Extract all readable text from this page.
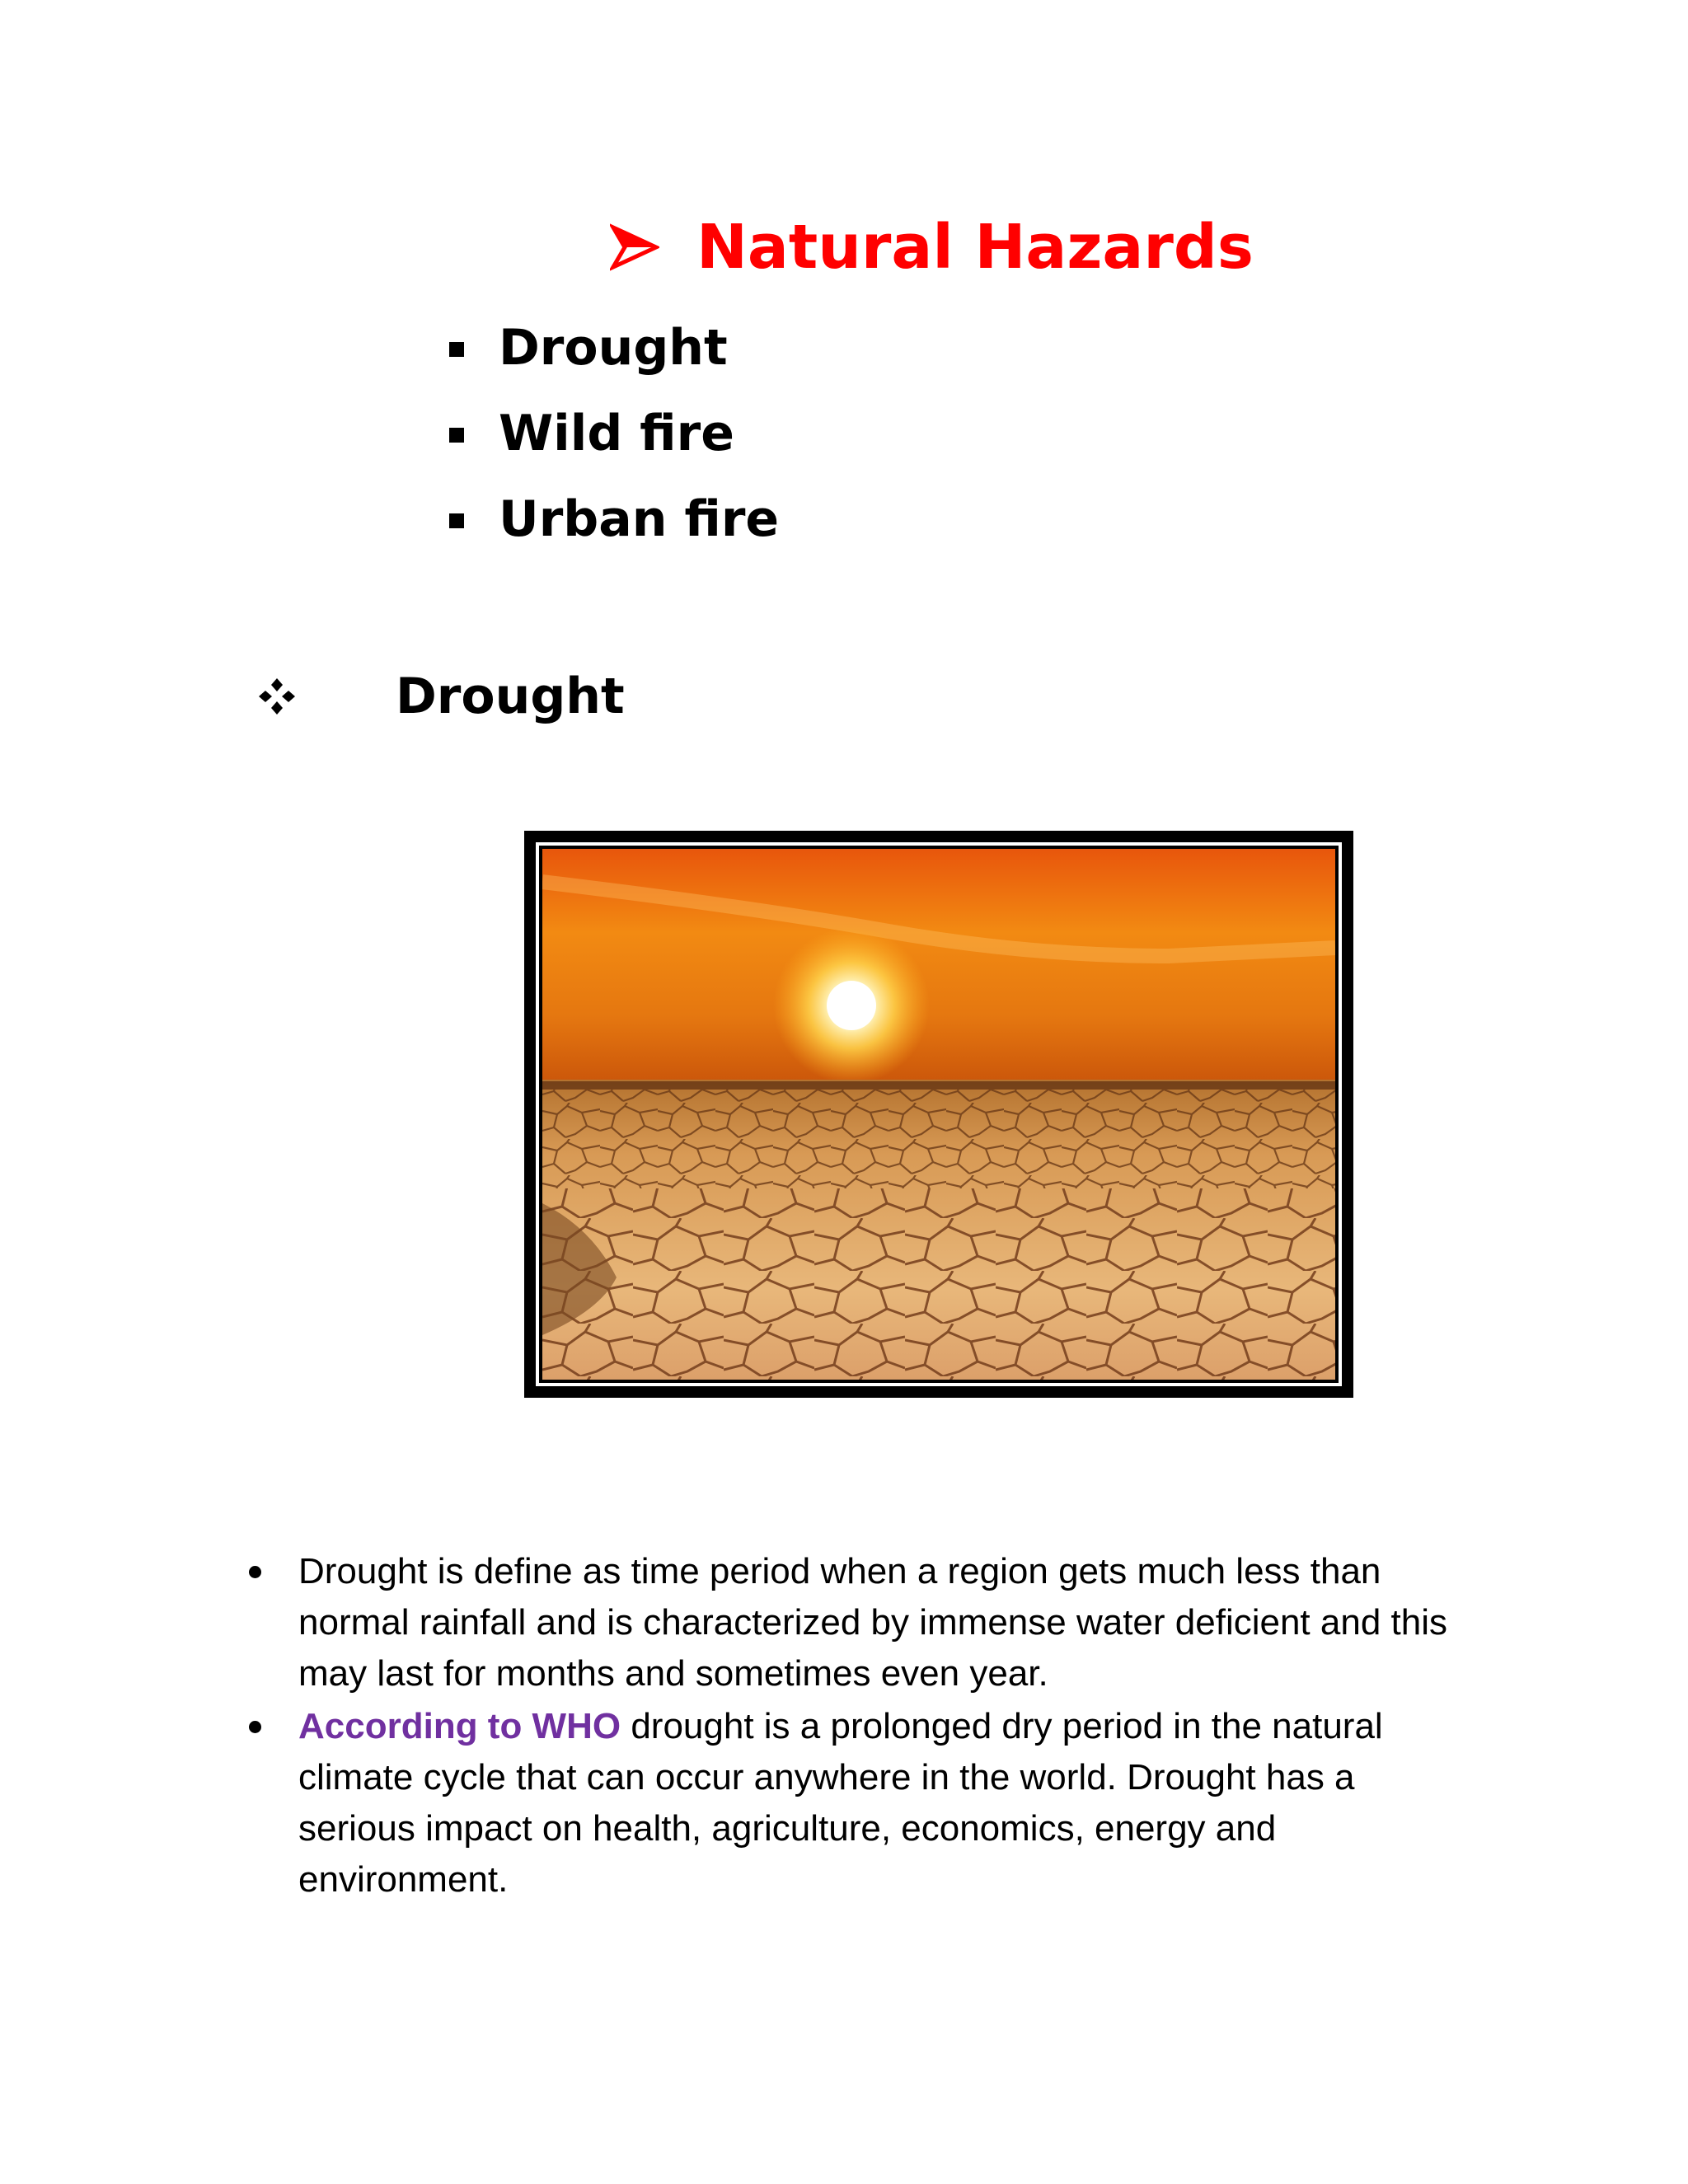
Natural Hazards
Drought
Wild fire
Urban fire
Drought
Drought is define as time period when a region gets much less than normal rainfall and is characterized by immense water deficient and this may last for months and sometimes even year.
According to WHO drought is a prolonged dry period in the natural climate cycle that can occur anywhere in the world. Drought has a serious impact on health, agriculture, economics, energy and environment.
